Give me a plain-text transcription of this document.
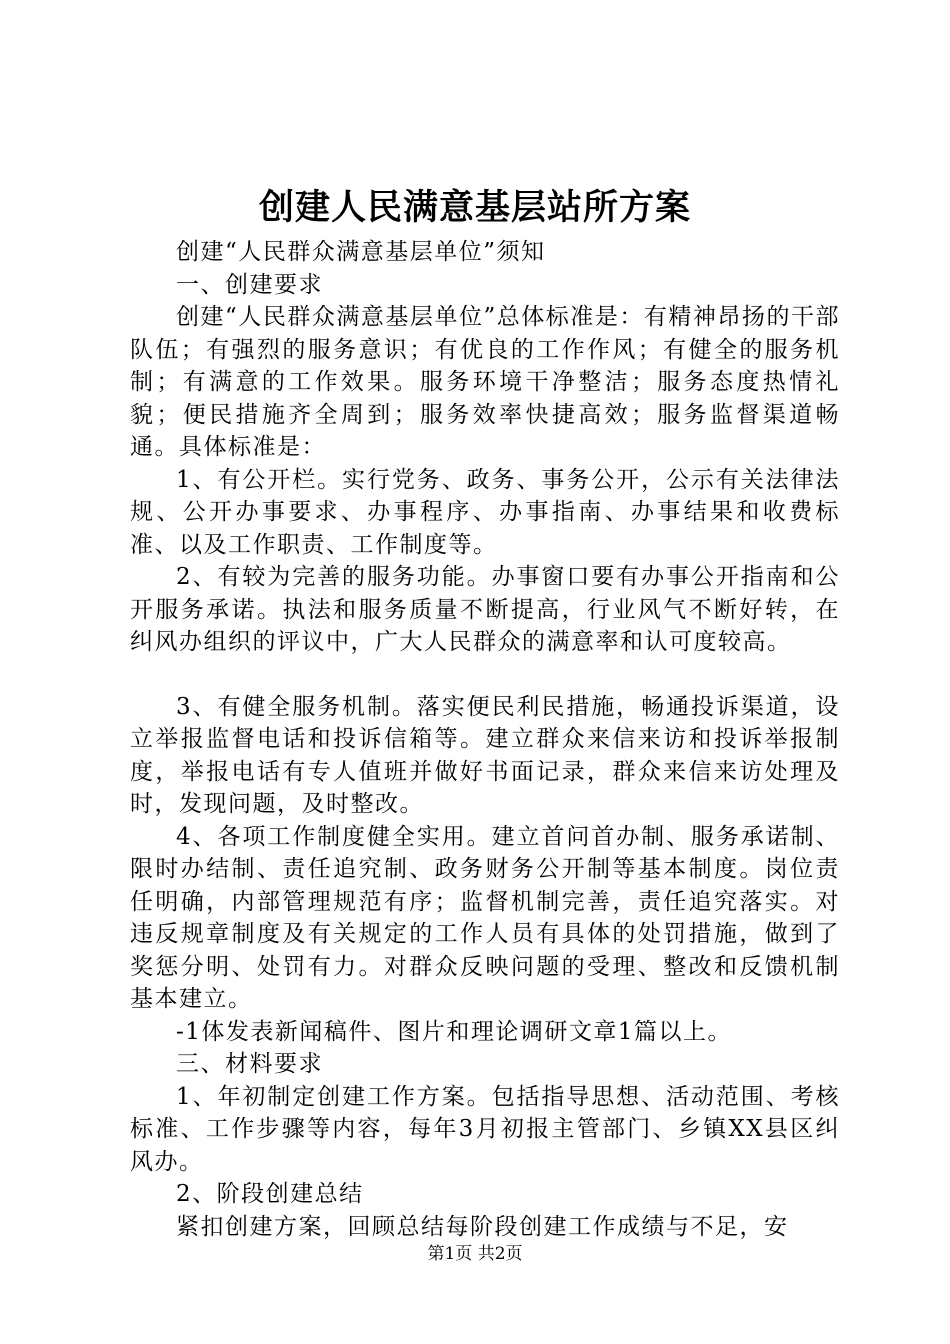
创建人民满意基层站所方案

创建“人民群众满意基层单位”须知

一、创建要求

创建“人民群众满意基层单位”总体标准是：有精神昂扬的干部队伍；有强烈的服务意识；有优良的工作作风；有健全的服务机制；有满意的工作效果。服务环境干净整洁；服务态度热情礼貌；便民措施齐全周到；服务效率快捷高效；服务监督渠道畅通。具体标准是：

1、有公开栏。实行党务、政务、事务公开，公示有关法律法规、公开办事要求、办事程序、办事指南、办事结果和收费标准、以及工作职责、工作制度等。

2、有较为完善的服务功能。办事窗口要有办事公开指南和公开服务承诺。执法和服务质量不断提高，行业风气不断好转，在纠风办组织的评议中，广大人民群众的满意率和认可度较高。

3、有健全服务机制。落实便民利民措施，畅通投诉渠道，设立举报监督电话和投诉信箱等。建立群众来信来访和投诉举报制度，举报电话有专人值班并做好书面记录，群众来信来访处理及时，发现问题，及时整改。

4、各项工作制度健全实用。建立首问首办制、服务承诺制、限时办结制、责任追究制、政务财务公开制等基本制度。岗位责任明确，内部管理规范有序；监督机制完善，责任追究落实。对违反规章制度及有关规定的工作人员有具体的处罚措施，做到了奖惩分明、处罚有力。对群众反映问题的受理、整改和反馈机制基本建立。

-1体发表新闻稿件、图片和理论调研文章1篇以上。

三、材料要求

1、年初制定创建工作方案。包括指导思想、活动范围、考核标准、工作步骤等内容，每年3月初报主管部门、乡镇XX县区纠风办。

2、阶段创建总结

紧扣创建方案，回顾总结每阶段创建工作成绩与不足，安

第1页 共2页
